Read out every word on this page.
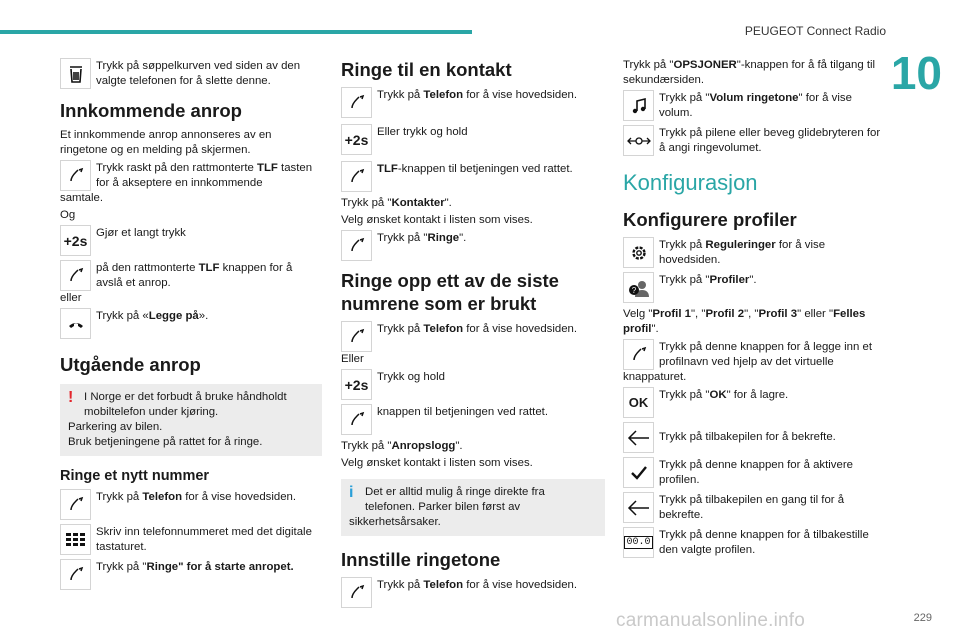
PEUGEOT Connect Radio
10
229
carmanualsonline.info
Trykk på søppelkurven ved siden av den valgte telefonen for å slette denne.
Innkommende anrop

Et innkommende anrop annonseres av en ringetone og en melding på skjermen.

Trykk raskt på den rattmonterte TLF tasten for å akseptere en innkommende

samtale.

Og

+2s Gjør et langt trykk
på den rattmonterte TLF knappen for å avslå et anrop.

eller

Trykk på «Legge på».
Utgående anrop
! I Norge er det forbudt å bruke håndholdt mobiltelefon under kjøring.
Parkering av bilen.
Bruk betjeningene på rattet for å ringe.
Ringe et nytt nummer
Trykk på Telefon for å vise hovedsiden.
Skriv inn telefonnummeret med det digitale tastaturet.
Trykk på "Ringe" for å starte anropet.
Ringe til en kontakt
Trykk på Telefon for å vise hovedsiden.
+2s Eller trykk og hold
TLF-knappen til betjeningen ved rattet.

Trykk på "Kontakter".

Velg ønsket kontakt i listen som vises.

Trykk på "Ringe".
Ringe opp ett av de siste numrene som er brukt
Trykk på Telefon for å vise hovedsiden.

Eller

+2s Trykk og hold
knappen til betjeningen ved rattet.

Trykk på "Anropslogg".

Velg ønsket kontakt i listen som vises.

i	Det er alltid mulig å ringe direkte fra telefonen. Parker bilen først av
sikkerhetsårsaker.
Innstille ringetone
Trykk på Telefon for å vise hovedsiden.

Trykk på "OPSJONER"-knappen for å få tilgang til sekundærsiden.

Trykk på "Volum ringetone" for å vise volum.
Trykk på pilene eller beveg glidebryteren for å angi ringevolumet.
Konfigurasjon
Konfigurere profiler
Trykk på Reguleringer for å vise hovedsiden.
?
Trykk på "Profiler".

Velg "Profil 1", "Profil 2", "Profil 3" eller "Felles profil".

Trykk på denne knappen for å legge inn et profilnavn ved hjelp av det virtuelle

knappaturet.

OK Trykk på "OK" for å lagre.
Trykk på tilbakepilen for å bekrefte.
Trykk på denne knappen for å aktivere profilen.
Trykk på tilbakepilen en gang til for å bekrefte.
00.0
Trykk på denne knappen for å tilbakestille den valgte profilen.
